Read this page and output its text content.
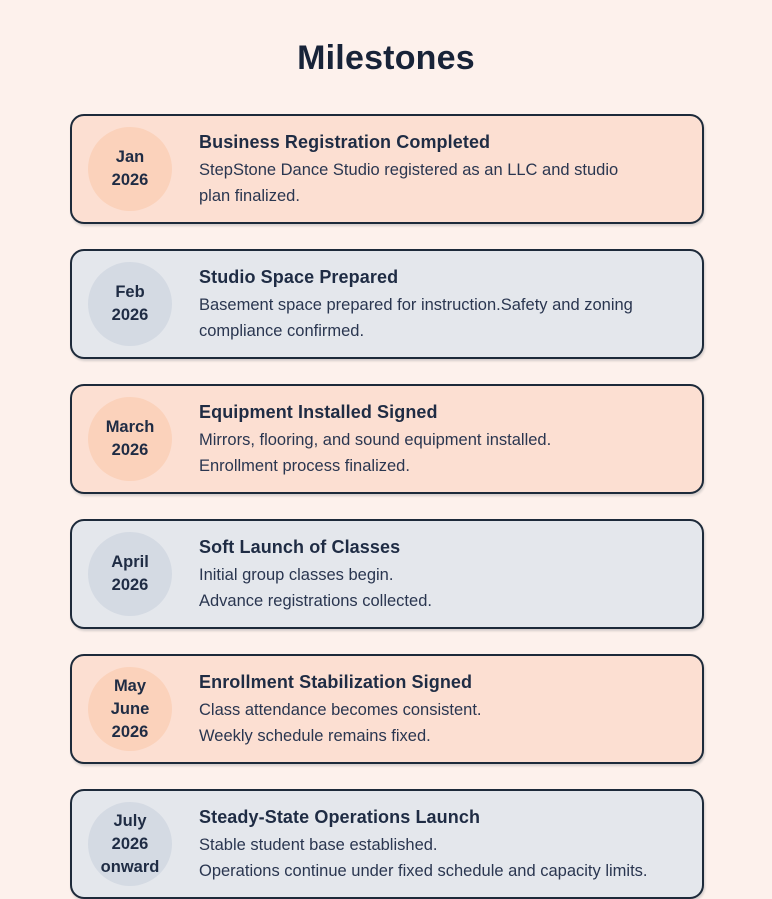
Milestones
Jan
2026
Business Registration Completed
StepStone Dance Studio registered as an LLC and studio
plan finalized.
Feb
2026
Studio Space Prepared
Basement space prepared for instruction.Safety and zoning
compliance confirmed.
March
2026
Equipment Installed Signed
Mirrors, flooring, and sound equipment installed.
Enrollment process finalized.
April
2026
Soft Launch of Classes
Initial group classes begin.
Advance registrations collected.
May
June
2026
Enrollment Stabilization Signed
Class attendance becomes consistent.
Weekly schedule remains fixed.
July
2026
onward
Steady-State Operations Launch
Stable student base established.
Operations continue under fixed schedule and capacity limits.
